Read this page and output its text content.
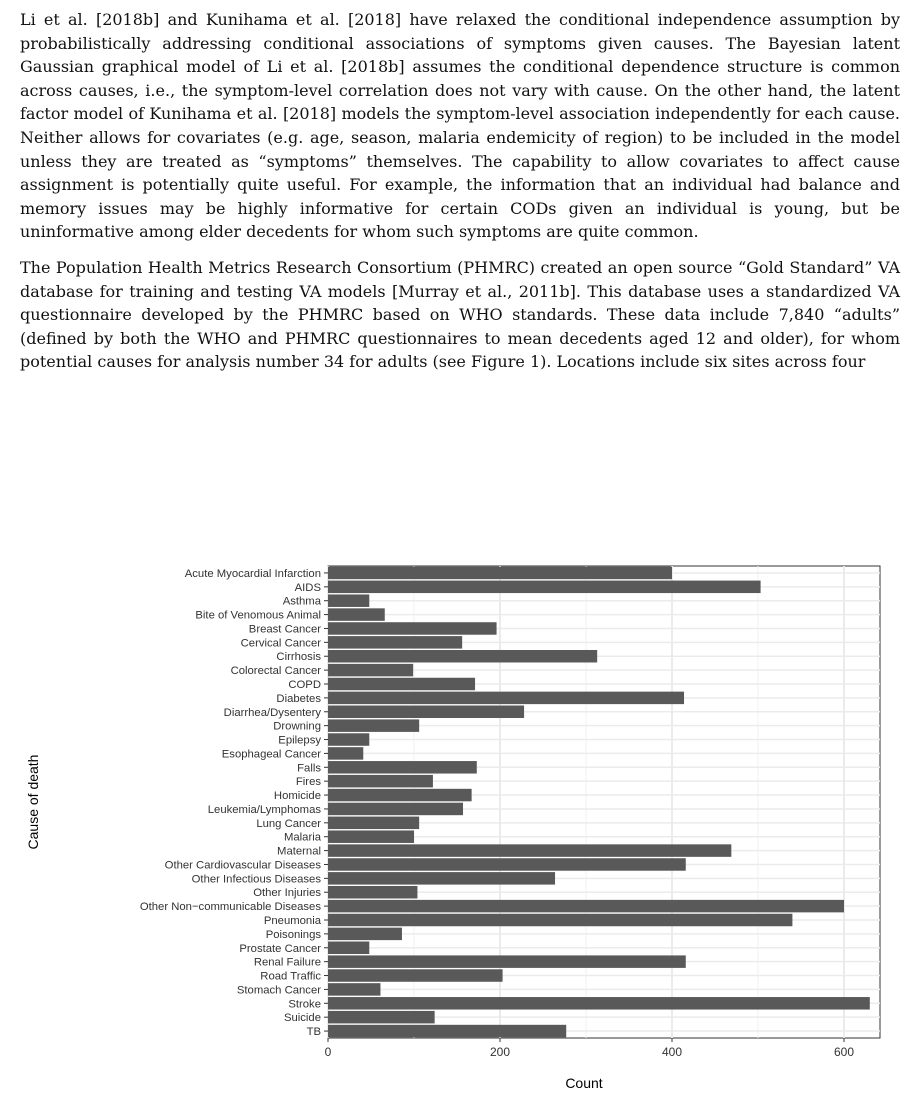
Li et al. [2018b] and Kunihama et al. [2018] have relaxed the conditional independence assumption by probabilistically addressing conditional associations of symptoms given causes. The Bayesian latent Gaussian graphical model of Li et al. [2018b] assumes the conditional dependence structure is common across causes, i.e., the symptom-level correlation does not vary with cause. On the other hand, the latent factor model of Kunihama et al. [2018] models the symptom-level association independently for each cause. Neither allows for covariates (e.g. age, season, malaria endemicity of region) to be included in the model unless they are treated as “symptoms” themselves. The capability to allow covariates to affect cause assignment is potentially quite useful. For example, the information that an individual had balance and memory issues may be highly informative for certain CODs given an individual is young, but be uninformative among elder decedents for whom such symptoms are quite common.

The Population Health Metrics Research Consortium (PHMRC) created an open source “Gold Standard” VA database for training and testing VA models [Murray et al., 2011b]. This database uses a standardized VA questionnaire developed by the PHMRC based on WHO standards. These data include 7,840 “adults” (defined by both the WHO and PHMRC questionnaires to mean decedents aged 12 and older), for whom potential causes for analysis number 34 for adults (see Figure 1). Locations include six sites across four

Acute Myocardial Infarction
AIDS
Asthma
Bite of Venomous Animal
Breast Cancer
Cervical Cancer
Cirrhosis
Colorectal Cancer
COPD
Diabetes
Diarrhea/Dysentery
Drowning
Epilepsy
Esophageal Cancer
Falls
Fires
Homicide
Leukemia/Lymphomas
Lung Cancer
Malaria
Maternal
Other Cardiovascular Diseases
Other Infectious Diseases
Other Injuries
Other Non−communicable Diseases
Pneumonia
Poisonings
Prostate Cancer
Renal Failure
Road Traffic
Stomach Cancer
Stroke
Suicide
TB
0	200	400	600
Count
Cause of death
